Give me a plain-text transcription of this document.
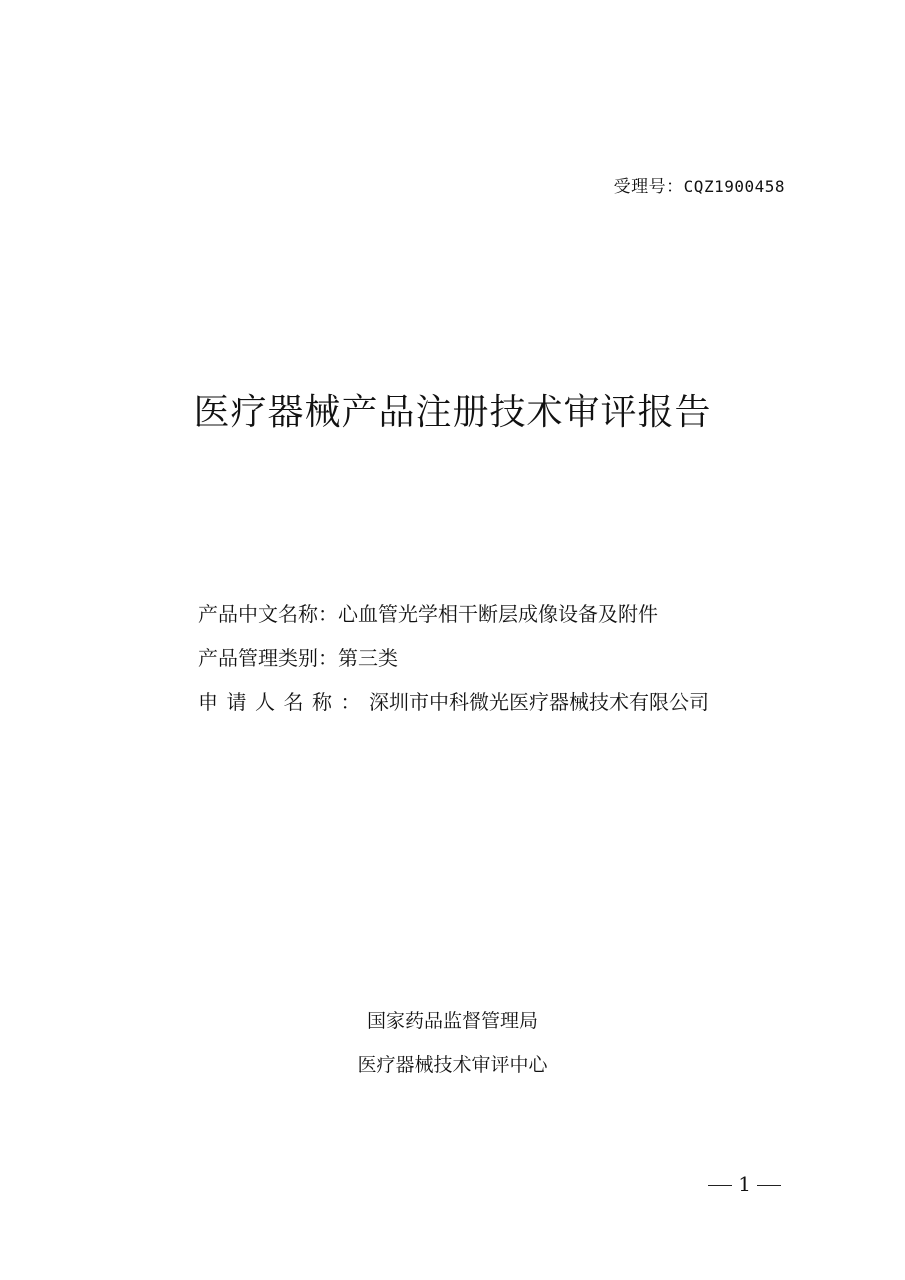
受理号：CQZ1900458
医疗器械产品注册技术审评报告
产品中文名称：心血管光学相干断层成像设备及附件
产品管理类别：第三类
申请人名称：深圳市中科微光医疗器械技术有限公司
国家药品监督管理局
医疗器械技术审评中心
1
